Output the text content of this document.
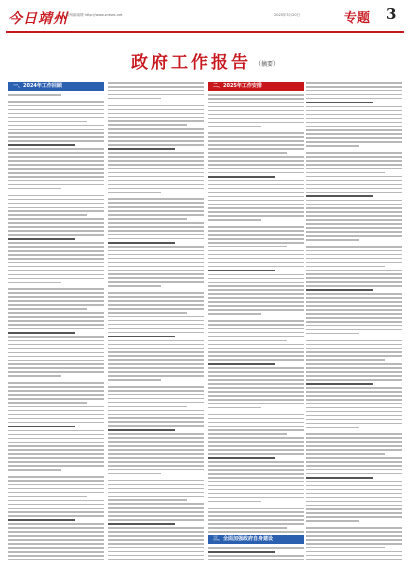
今日靖州
靖州新闻网 http://www.znews.net	2025年3月20日	专题 3
政府工作报告 （摘要）
一、2024年工作回顾	二、2025年工作安排
三、全面加强政府自身建设
